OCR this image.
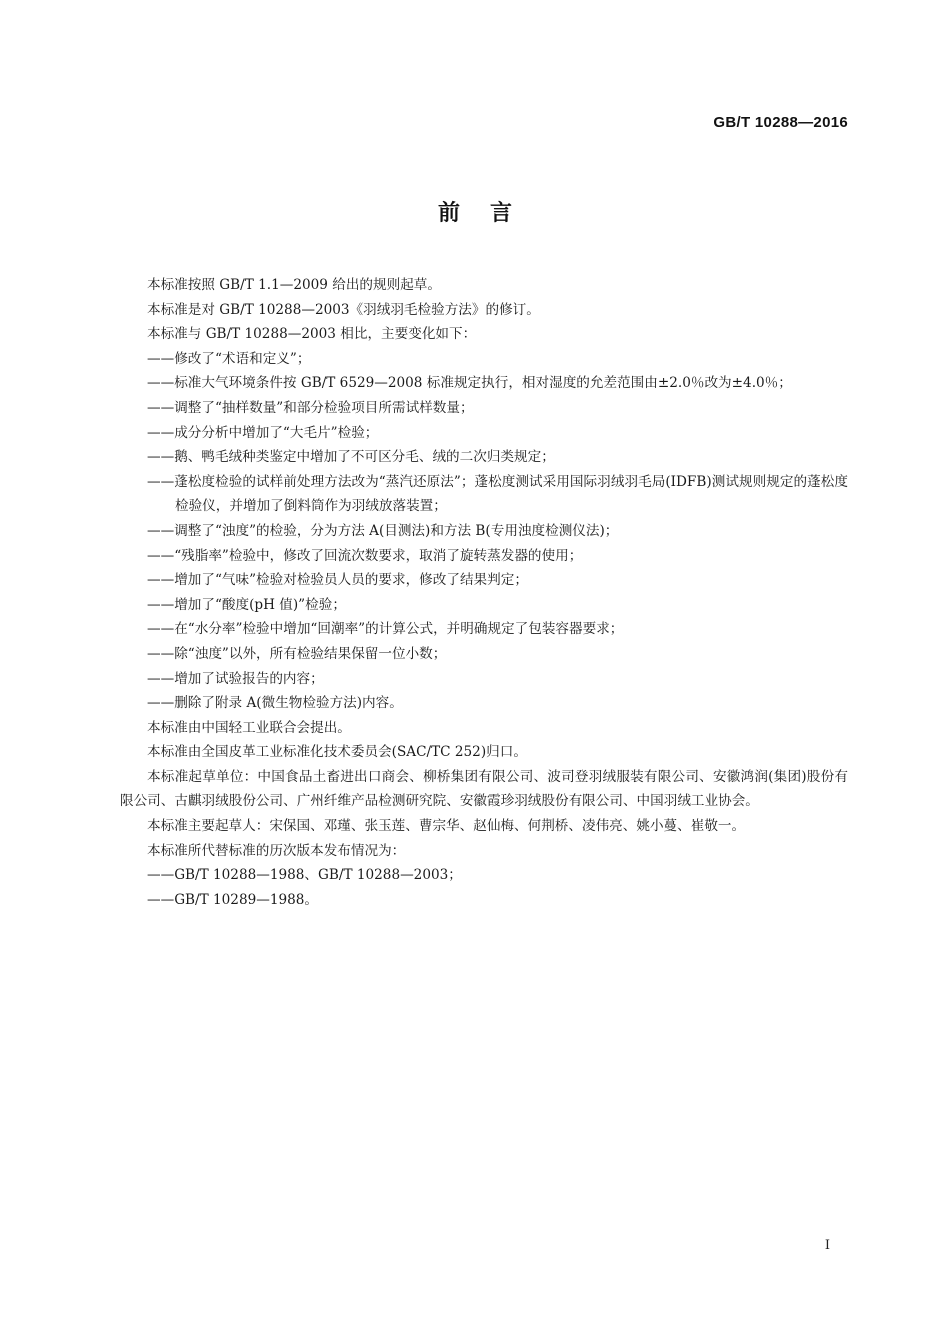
GB/T 10288—2016
前言
本标准按照 GB/T 1.1—2009 给出的规则起草。
本标准是对 GB/T 10288—2003《羽绒羽毛检验方法》的修订。
本标准与 GB/T 10288—2003 相比，主要变化如下：
——修改了“术语和定义”；
——标准大气环境条件按 GB/T 6529—2008 标准规定执行，相对湿度的允差范围由±2.0％改为±4.0％；
——调整了“抽样数量”和部分检验项目所需试样数量；
——成分分析中增加了“大毛片”检验；
——鹅、鸭毛绒种类鉴定中增加了不可区分毛、绒的二次归类规定；
——蓬松度检验的试样前处理方法改为“蒸汽还原法”；蓬松度测试采用国际羽绒羽毛局(IDFB)测试规则规定的蓬松度检验仪，并增加了倒料筒作为羽绒放落装置；
——调整了“浊度”的检验，分为方法 A(目测法)和方法 B(专用浊度检测仪法)；
——“残脂率”检验中，修改了回流次数要求，取消了旋转蒸发器的使用；
——增加了“气味”检验对检验员人员的要求，修改了结果判定；
——增加了“酸度(pH 值)”检验；
——在“水分率”检验中增加“回潮率”的计算公式，并明确规定了包装容器要求；
——除“浊度”以外，所有检验结果保留一位小数；
——增加了试验报告的内容；
——删除了附录 A(微生物检验方法)内容。
本标准由中国轻工业联合会提出。
本标准由全国皮革工业标准化技术委员会(SAC/TC 252)归口。
本标准起草单位：中国食品土畜进出口商会、柳桥集团有限公司、波司登羽绒服装有限公司、安徽鸿润(集团)股份有限公司、古麒羽绒股份公司、广州纤维产品检测研究院、安徽霞珍羽绒股份有限公司、中国羽绒工业协会。
本标准主要起草人：宋保国、邓瑾、张玉莲、曹宗华、赵仙梅、何荆桥、凌伟亮、姚小蔓、崔敬一。
本标准所代替标准的历次版本发布情况为：
——GB/T 10288—1988、GB/T 10288—2003；
——GB/T 10289—1988。
I
